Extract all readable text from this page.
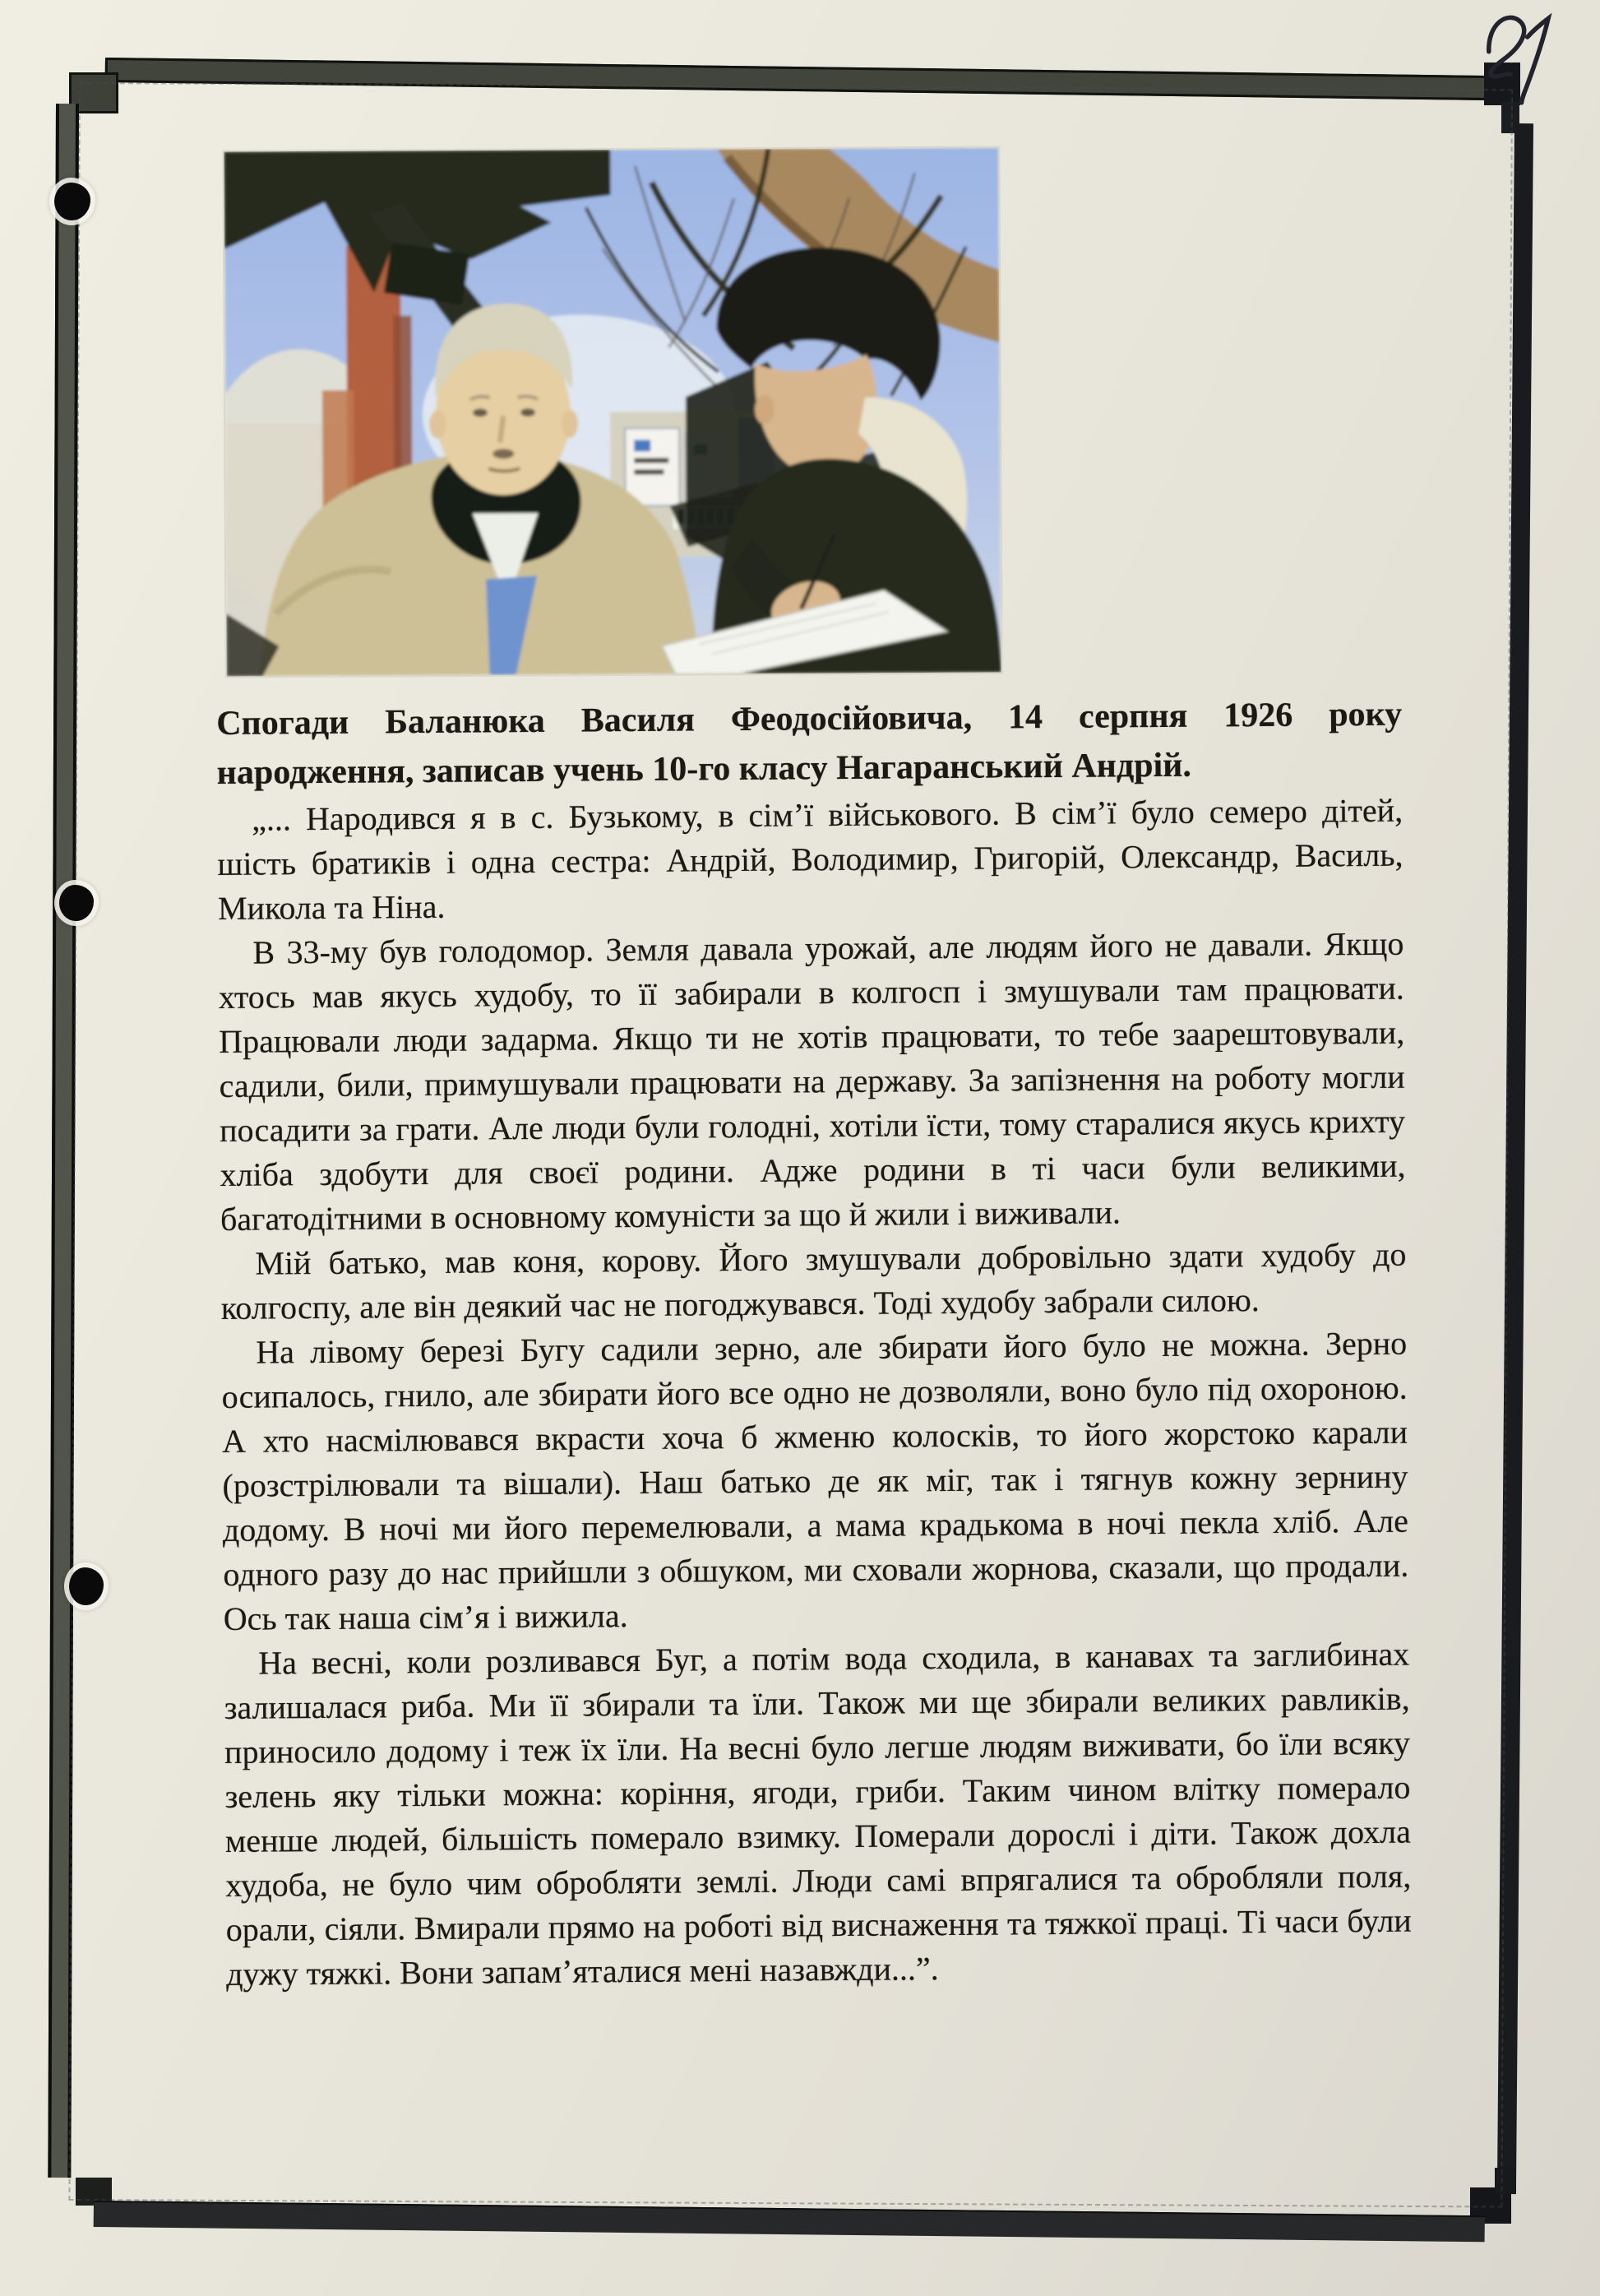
Спогади Баланюка Василя Феодосійовича, 14 серпня 1926 року народження, записав учень 10-го класу Нагаранський Андрій.

„... Народився я в с. Бузькому, в сім’ї військового. В сім’ї було семеро дітей, шість братиків і одна сестра: Андрій, Володимир, Григорій, Олександр, Василь, Микола та Ніна.

В 33-му був голодомор. Земля давала урожай, але людям його не давали. Якщо хтось мав якусь худобу, то її забирали в колгосп і змушували там працювати. Працювали люди задарма. Якщо ти не хотів працювати, то тебе заарештовували, садили, били, примушували працювати на державу. За запізнення на роботу могли посадити за грати. Але люди були голодні, хотіли їсти, тому старалися якусь крихту хліба здобути для своєї родини. Адже родини в ті часи були великими, багатодітними в основному комуністи за що й жили і виживали.

Мій батько, мав коня, корову. Його змушували добровільно здати худобу до колгоспу, але він деякий час не погоджувався. Тоді худобу забрали силою.

На лівому березі Бугу садили зерно, але збирати його було не можна. Зерно осипалось, гнило, але збирати його все одно не дозволяли, воно було під охороною. А хто насмілювався вкрасти хоча б жменю колосків, то його жорстоко карали (розстрілювали та вішали). Наш батько де як міг, так і тягнув кожну зернину додому. В ночі ми його перемелювали, а мама крадькома в ночі пекла хліб. Але одного разу до нас прийшли з обшуком, ми сховали жорнова, сказали, що продали. Ось так наша сім’я і вижила.

На весні, коли розливався Буг, а потім вода сходила, в канавах та заглибинах залишалася риба. Ми її збирали та їли. Також ми ще збирали великих равликів, приносило додому і теж їх їли. На весні було легше людям виживати, бо їли всяку зелень яку тільки можна: коріння, ягоди, гриби. Таким чином влітку померало менше людей, більшість померало взимку. Померали дорослі і діти. Також дохла худоба, не було чим обробляти землі. Люди самі впрягалися та обробляли поля, орали, сіяли. Вмирали прямо на роботі від виснаження та тяжкої праці. Ті часи були дужу тяжкі. Вони запам’яталися мені назавжди...”.
